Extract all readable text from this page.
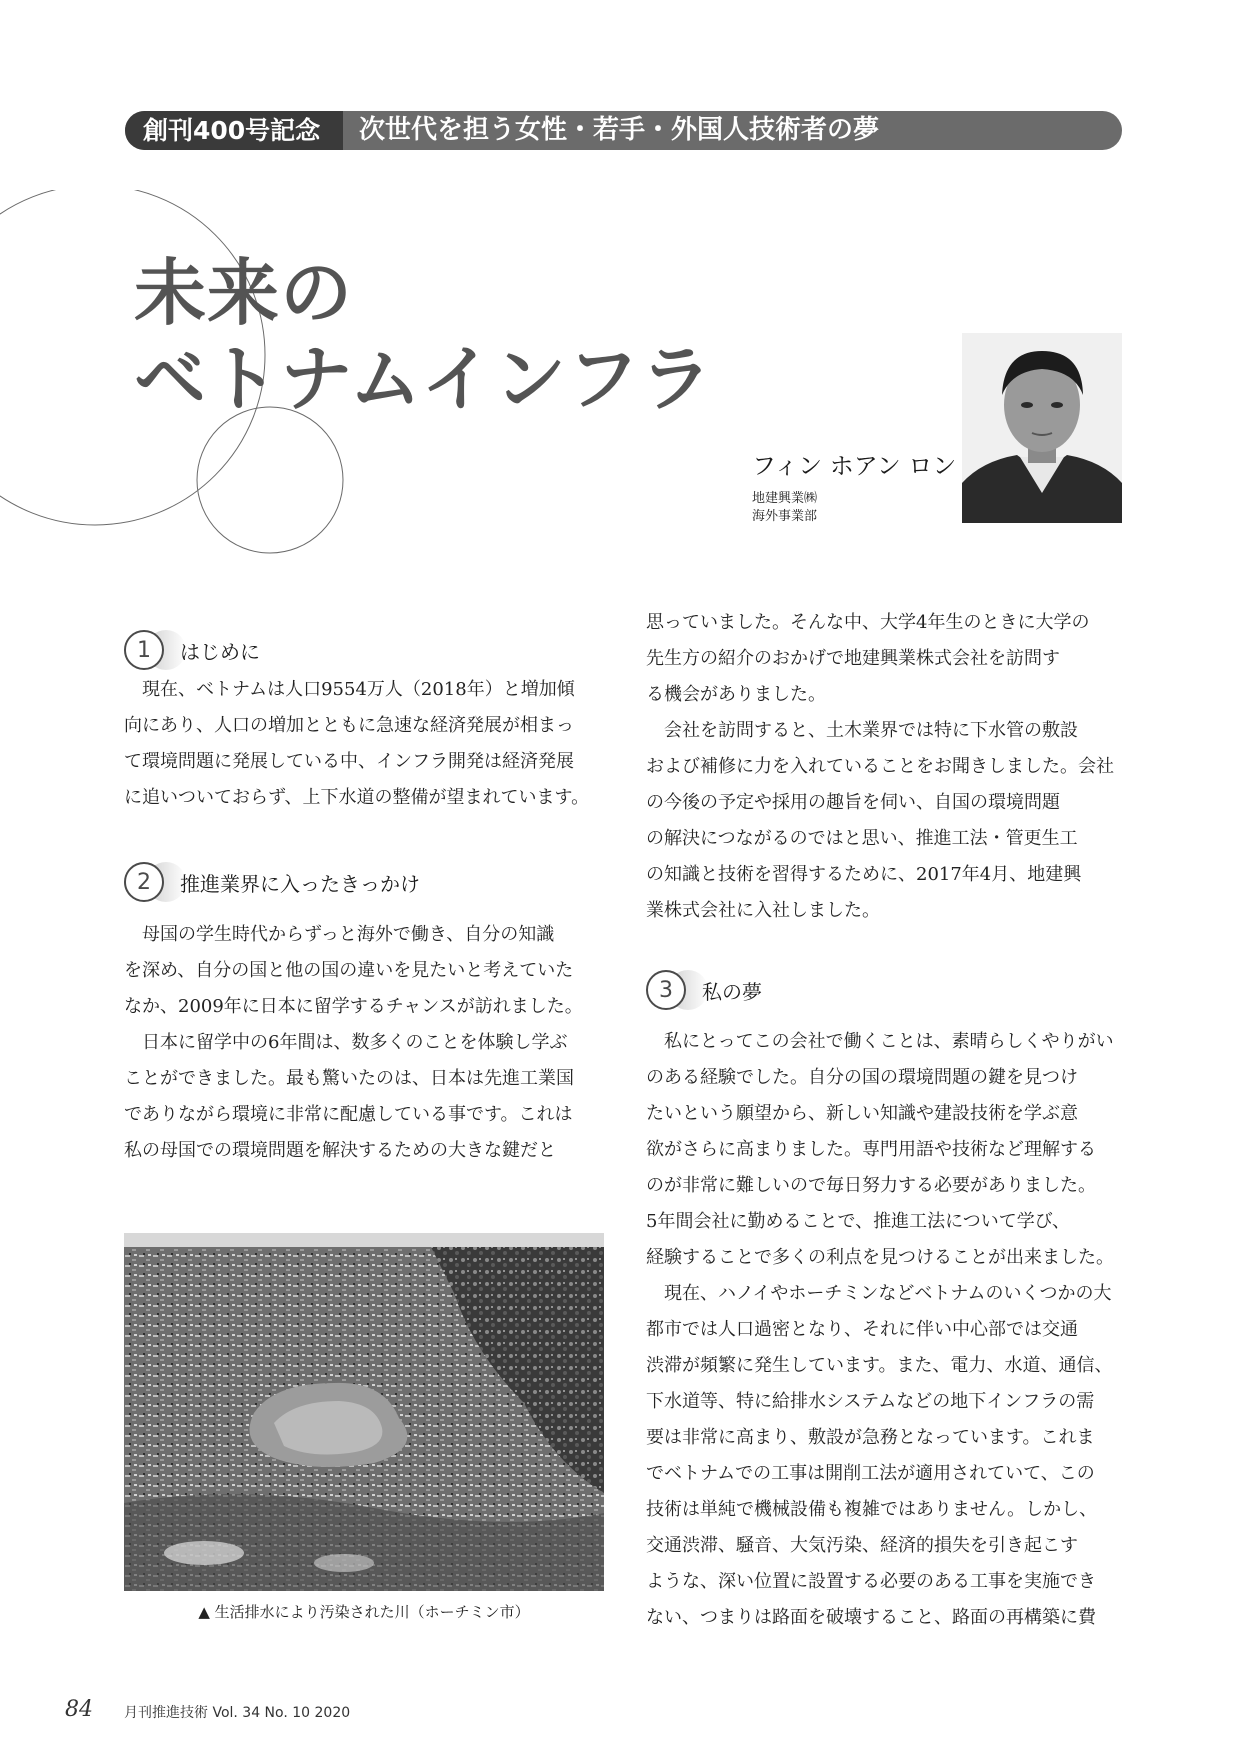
創刊400号記念	次世代を担う女性・若手・外国人技術者の夢
未来の
ベトナムインフラ
フィン ホアン ロン
地建興業㈱
海外事業部
1	はじめに

現在、ベトナムは人口9554万人（2018年）と増加傾

向にあり、人口の増加とともに急速な経済発展が相まっ

て環境問題に発展している中、インフラ開発は経済発展

に追いついておらず、上下水道の整備が望まれています。

2	推進業界に入ったきっかけ

母国の学生時代からずっと海外で働き、自分の知識

を深め、自分の国と他の国の違いを見たいと考えていた

なか、2009年に日本に留学するチャンスが訪れました。

日本に留学中の6年間は、数多くのことを体験し学ぶ

ことができました。最も驚いたのは、日本は先進工業国

でありながら環境に非常に配慮している事です。これは

私の母国での環境問題を解決するための大きな鍵だと

▲ 生活排水により汚染された川（ホーチミン市）

思っていました。そんな中、大学4年生のときに大学の

先生方の紹介のおかげで地建興業株式会社を訪問す

る機会がありました。

会社を訪問すると、土木業界では特に下水管の敷設

および補修に力を入れていることをお聞きしました。会社

の今後の予定や採用の趣旨を伺い、自国の環境問題

の解決につながるのではと思い、推進工法・管更生工

の知識と技術を習得するために、2017年4月、地建興

業株式会社に入社しました。

3	私の夢

私にとってこの会社で働くことは、素晴らしくやりがい

のある経験でした。自分の国の環境問題の鍵を見つけ

たいという願望から、新しい知識や建設技術を学ぶ意

欲がさらに高まりました。専門用語や技術など理解する

のが非常に難しいので毎日努力する必要がありました。

5年間会社に勤めることで、推進工法について学び、

経験することで多くの利点を見つけることが出来ました。

現在、ハノイやホーチミンなどベトナムのいくつかの大

都市では人口過密となり、それに伴い中心部では交通

渋滞が頻繁に発生しています。また、電力、水道、通信、

下水道等、特に給排水システムなどの地下インフラの需

要は非常に高まり、敷設が急務となっています。これま

でベトナムでの工事は開削工法が適用されていて、この

技術は単純で機械設備も複雑ではありません。しかし、

交通渋滞、騒音、大気汚染、経済的損失を引き起こす

ような、深い位置に設置する必要のある工事を実施でき

ない、つまりは路面を破壊すること、路面の再構築に費

84 月刊推進技術 Vol. 34 No. 10 2020
